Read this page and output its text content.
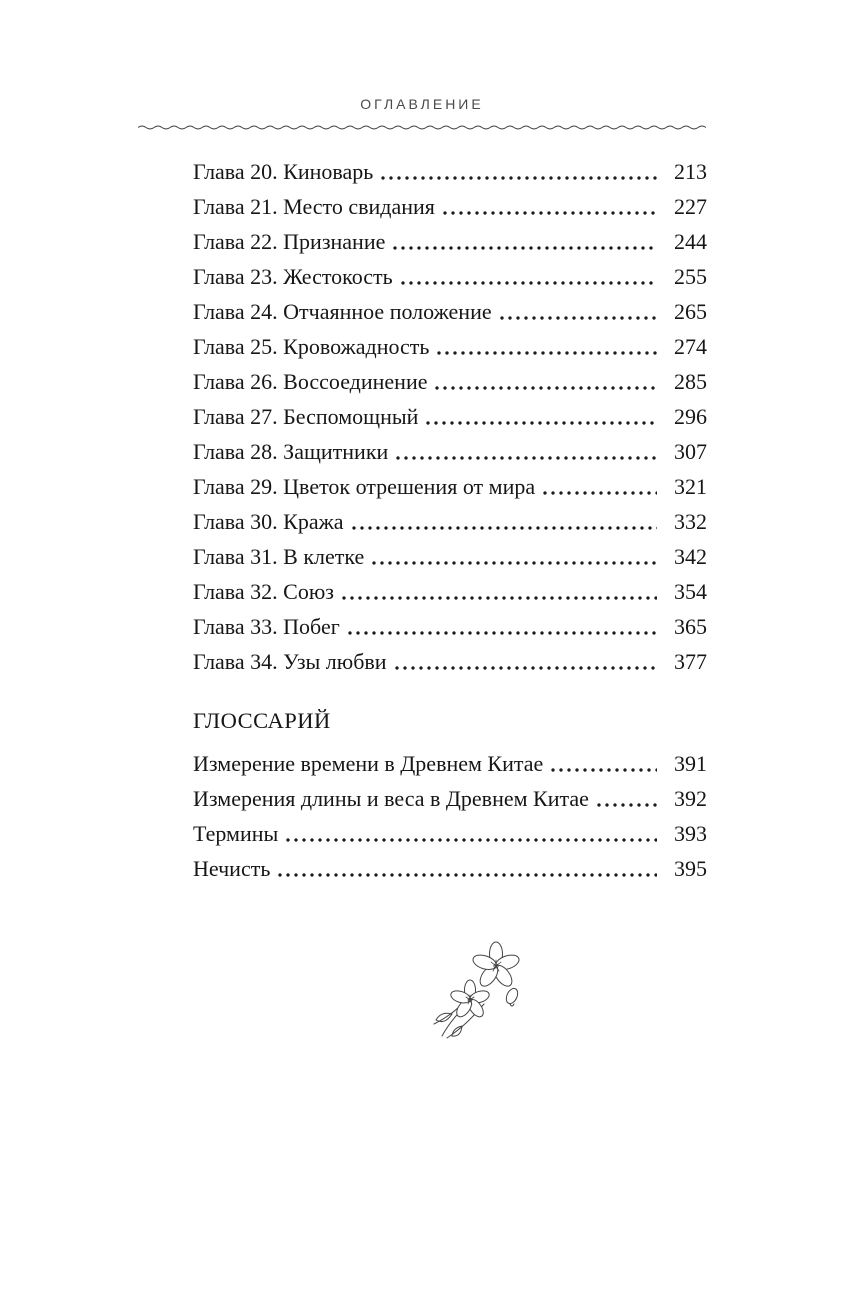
ОГЛАВЛЕНИЕ
Глава 20. Киноварь	213
Глава 21. Место свидания	227
Глава 22. Признание	244
Глава 23. Жестокость	255
Глава 24. Отчаянное положение	265
Глава 25. Кровожадность	274
Глава 26. Воссоединение	285
Глава 27. Беспомощный	296
Глава 28. Защитники	307
Глава 29. Цветок отрешения от мира	321
Глава 30. Кража	332
Глава 31. В клетке	342
Глава 32. Союз	354
Глава 33. Побег	365
Глава 34. Узы любви	377
ГЛОССАРИЙ
Измерение времени в Древнем Китае	391
Измерения длины и веса в Древнем Китае	392
Термины	393
Нечисть	395
